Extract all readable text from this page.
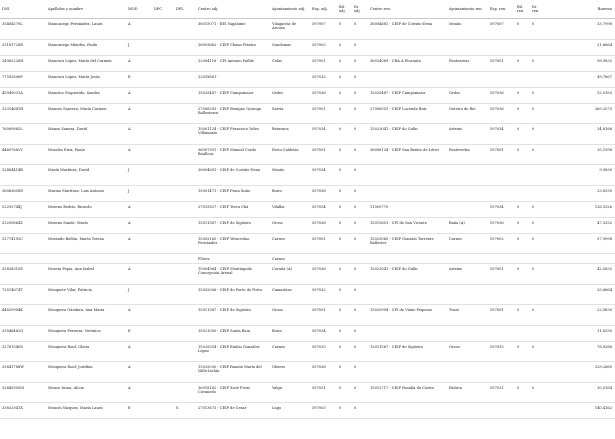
DNI	Apellidos y nombre	MOD	DPC	DPL	Centro adj.	Ayuntamiento adj.	Esp. adj.	Bil. adj.	Iti. adj.	Centro ren.	Ayuntamiento ren.	Esp. ren.	Bil. ren.	Iti. ren.	Baremo
35464570L	Mancanego Fernández, Laura	A			36015071 - EEI Vagalume	Vilagarcía de Arousa	597007	0	0	36004681 - CEIP de Cortiño-Dena	Meaño	597007	0	0	33,7998
53181728R	Mancanego Méndez, Paula	J			36003662 - CEIP Chano Piñeiro	Gondomar	597003	0	0						21,6664
34962226H	Mancera López, María del Carmen	A			32004118 - CPI Antonio Faílde	Celas	597001	0	0	36024069 - CRA A Picaraña	Ponteareas	597001	0	0	58,9832
77592606P	Mancera López, María Jesús	E			32018861 -		597032	0	0						49,7667
45949031A	Mancino Noguerido, Sandra	A			15025487 - CEIP Campomaior	Ordes	597036	0	0	15025487 - CEIP Campomaior	Ordes	597036	0	0	52,0163
33314641H	Mansos Saavera, María Carmen	A			27006593 - CEIP Benigno Quiroga Ballesteros	Sarria	597001	0	0	27008553 - CEIP Lucenda Buir	Outeiro de Rei	597036	0	0	269,2075
76569882L	Manzo Saneza, David	A			15001124 - CEIP Francisco Vales Villamarín	Betanzos	597034	0	0	15023041 - CEIP do Gulín	Arteixo	597034	0	0	34,8166
44607682V	Morales Eiriz, Paula	A			36007991 - CEIP Manuel Cordo Boullosa	Porto Caldelas	597001	0	0	36006134 - CEIP San Benito de Lérez	Pontevedra	597001	0	0	35,1998
32484414B	Marín Martínez, David	J			36004691 - CEIP de Cortiño-Dena	Meaño	597034	0	0						9,9830
36063658D	Marino Martínez, Luis Antonio	J			15001471 - CEIP Praia Xuño	Boiro	597038	0	0						23,8330
52292744J	Moreno Bedriz, Ricardo	A			27015827 - CEIP Terra Chá	Vilalba	597034	0	0	11000770 -		597034	0	0	128,3326
33259664Z	Moreno Sande, María	A			15011567 - CEIP de Sigüeiro	Oroso	597036	0	0	15015651 - CPI de San Vicente	Baña (A)	597036	0	0	47,3332
32774192C	Morando Bellón, Marta Teresa	A			15002165 - CEIP Wenceslao Fernández	Carnes	597001	0	0	15023065 - CEIP Gonzalo Torrente Ballester	Carnes	597002	0	0	57,9998
					Flórez	Carnes									
32838310E	Moreta Pepia, Ana Isabel	A			15004964 - CEIP Montiagudo Concepción Arenal	Coruña (A)	597036	0	0	15023041 - CEIP do Gulín	Arteixo	597001	0	0	42,5832
73514674T	Mosquete Vilar, Patricia	J			15002006 - CEIP de Porto do Porto	Camariñas	597032	0	0						25,6664
44829994K	Mosquera Gándara, Ana María	A			15011567 - CEIP de Sigüeiro	Oroso	597001	0	0	15020994 - CPI de Viaño Pequeno	Trazo	597001	0	0	22,9830
33546482Q	Mosquera Ferreira, Verónica	E			15021500 - CEIP Santa Baia	Boiro	597034	0	0						11,8330
32761540D	Mosquera Rouf, Gloria	A			15025554 - CEIP Emilio González López	Carnes	597035	0	0	15011567 - CEIP de Sigüeiro	Oroso	597035	0	0	78,9288
33841788W	Mosquera Rouf, Josefina	A			15025030 - CEIP Ramón María del Valle-Inclán	Oleiros	597036	0	0						229,2660
32843950M	Mouzo Insua, Alicia	A			36018162 - CEIP Xosé Fusto Covanedo	Valga	597031	0	0	15012717 - CEIP Rosalía de Castro	Padrón	597031	0	0	30,0164
33832941X	Moncín Vázquez, María Laura	E		S	27013673 - CEIP de Cesar	Lugo	597003	0	0						140,4162
